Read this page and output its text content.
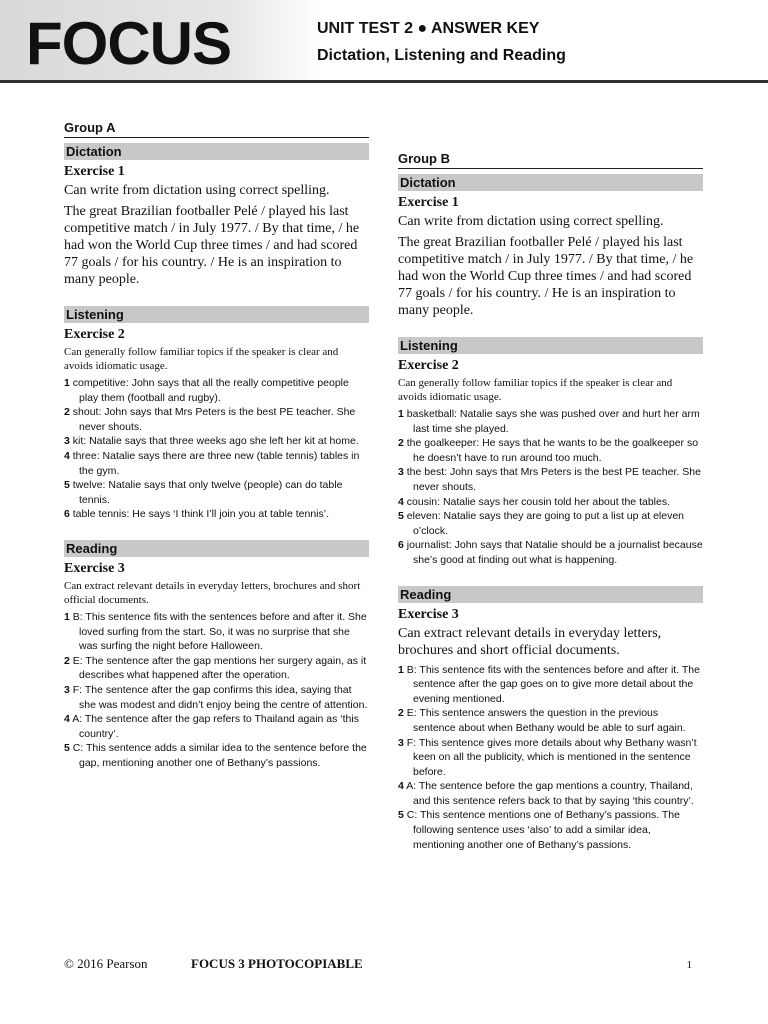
FOCUS	UNIT TEST 2 ● ANSWER KEY
Dictation, Listening and Reading
Group A
Dictation
Exercise 1
Can write from dictation using correct spelling.
The great Brazilian footballer Pelé / played his last competitive match / in July 1977. / By that time, / he had won the World Cup three times / and had scored 77 goals / for his country. / He is an inspiration to many people.
Listening
Exercise 2
Can generally follow familiar topics if the speaker is clear and avoids idiomatic usage.
1 competitive: John says that all the really competitive people play them (football and rugby).
2 shout: John says that Mrs Peters is the best PE teacher. She never shouts.
3 kit: Natalie says that three weeks ago she left her kit at home.
4 three: Natalie says there are three new (table tennis) tables in the gym.
5 twelve: Natalie says that only twelve (people) can do table tennis.
6 table tennis: He says ‘I think I’ll join you at table tennis’.
Reading
Exercise 3
Can extract relevant details in everyday letters, brochures and short official documents.
1 B: This sentence fits with the sentences before and after it. She loved surfing from the start. So, it was no surprise that she was surfing the night before Halloween.
2 E: The sentence after the gap mentions her surgery again, as it describes what happened after the operation.
3 F: The sentence after the gap confirms this idea, saying that she was modest and didn’t enjoy being the centre of attention.
4 A: The sentence after the gap refers to Thailand again as ‘this country’.
5 C: This sentence adds a similar idea to the sentence before the gap, mentioning another one of Bethany’s passions.
Group B
Dictation
Exercise 1
Can write from dictation using correct spelling.
The great Brazilian footballer Pelé / played his last competitive match / in July 1977. / By that time, / he had won the World Cup three times / and had scored 77 goals / for his country. / He is an inspiration to many people.
Listening
Exercise 2
Can generally follow familiar topics if the speaker is clear and avoids idiomatic usage.
1 basketball: Natalie says she was pushed over and hurt her arm last time she played.
2 the goalkeeper: He says that he wants to be the goalkeeper so he doesn’t have to run around too much.
3 the best: John says that Mrs Peters is the best PE teacher. She never shouts.
4 cousin: Natalie says her cousin told her about the tables.
5 eleven: Natalie says they are going to put a list up at eleven o’clock.
6 journalist: John says that Natalie should be a journalist because she’s good at finding out what is happening.
Reading
Exercise 3
Can extract relevant details in everyday letters, brochures and short official documents.
1 B: This sentence fits with the sentences before and after it. The sentence after the gap goes on to give more detail about the evening mentioned.
2 E: This sentence answers the question in the previous sentence about when Bethany would be able to surf again.
3 F: This sentence gives more details about why Bethany wasn’t keen on all the publicity, which is mentioned in the sentence before.
4 A: The sentence before the gap mentions a country, Thailand, and this sentence refers back to that by saying ‘this country’.
5 C: This sentence mentions one of Bethany’s passions. The following sentence uses ‘also’ to add a similar idea, mentioning another one of Bethany’s passions.
© 2016 Pearson	FOCUS 3 PHOTOCOPIABLE	1
